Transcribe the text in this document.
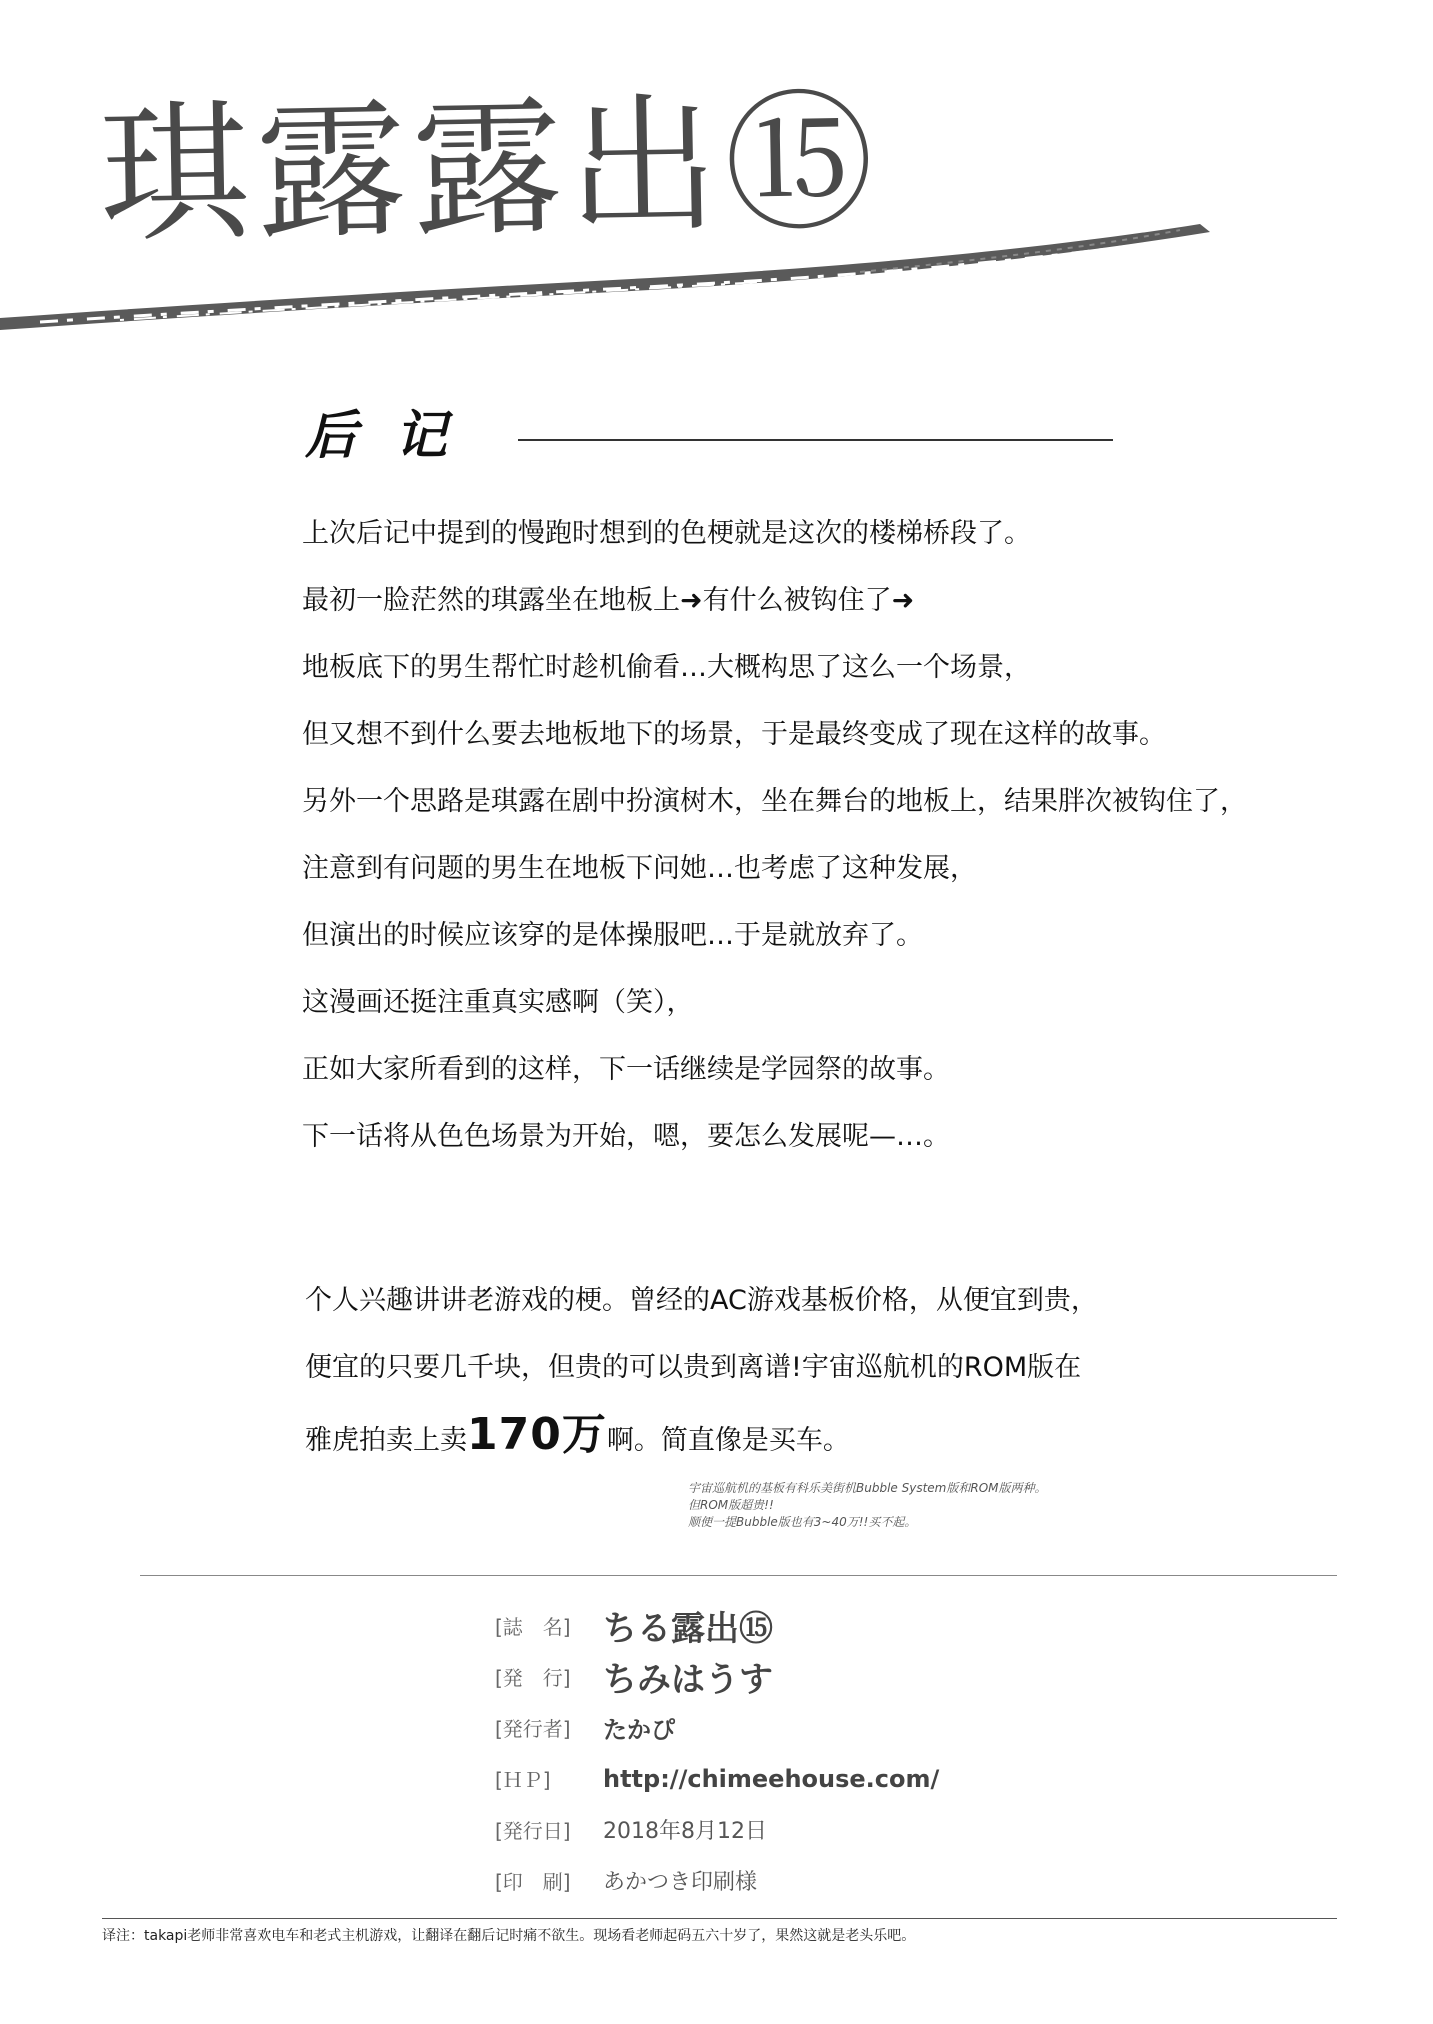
琪露露出⑮
后记
上次后记中提到的慢跑时想到的色梗就是这次的楼梯桥段了。
最初一脸茫然的琪露坐在地板上➜有什么被钩住了➜
地板底下的男生帮忙时趁机偷看…大概构思了这么一个场景，
但又想不到什么要去地板地下的场景，于是最终变成了现在这样的故事。
另外一个思路是琪露在剧中扮演树木，坐在舞台的地板上，结果胖次被钩住了，
注意到有问题的男生在地板下问她…也考虑了这种发展，
但演出的时候应该穿的是体操服吧…于是就放弃了。
这漫画还挺注重真实感啊（笑），
正如大家所看到的这样，下一话继续是学园祭的故事。
下一话将从色色场景为开始，嗯，要怎么发展呢—…。
个人兴趣讲讲老游戏的梗。曾经的AC游戏基板价格，从便宜到贵，
便宜的只要几千块，但贵的可以贵到离谱!宇宙巡航机的ROM版在
雅虎拍卖上卖170万啊。简直像是买车。
宇宙巡航机的基板有科乐美街机Bubble System版和ROM版两种。
但ROM版超贵!!
顺便一提Bubble版也有3~40万!!买不起。
[誌　名] ちる露出⑮
[発　行] ちみはうす
[発行者]	たかぴ
[ＨＰ]	http://chimeehouse.com/
[発行日]	2018年8月12日
[印　刷]	あかつき印刷様
译注：takapi老师非常喜欢电车和老式主机游戏，让翻译在翻后记时痛不欲生。现场看老师起码五六十岁了，果然这就是老头乐吧。
